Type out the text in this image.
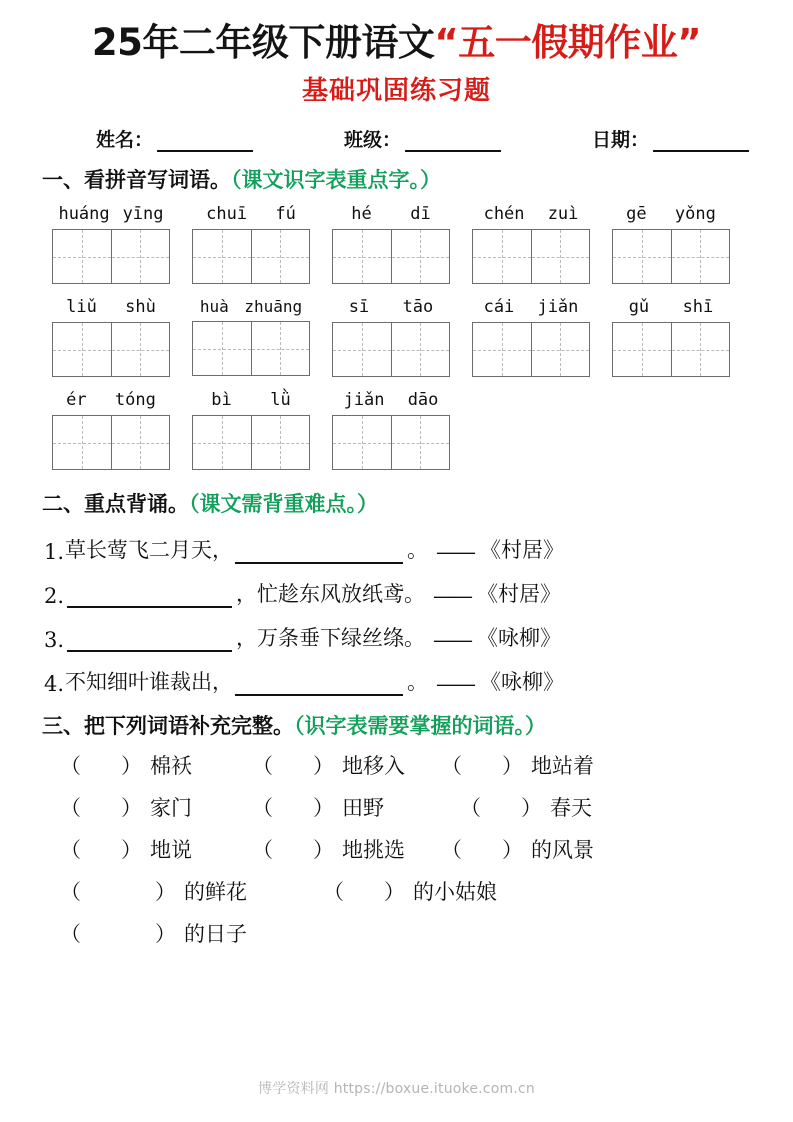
25年二年级下册语文“五一假期作业”
基础巩固练习题
姓名：	班级：	日期：
一、看拼音写词语。（课文识字表重点字。）
huáng yīng	chuī fú	hé dī	chén zuì	gē yǒng
liǔ shù	huà zhuāng	sī tāo	cái jiǎn	gǔ shī
ér tóng	bì lǜ	jiǎn dāo
二、重点背诵。（课文需背重难点。）
1. 草长莺飞二月天，	。 —— 《村居》
2.	，忙趁东风放纸鸢。 —— 《村居》
3.	，万条垂下绿丝绦。 —— 《咏柳》
4. 不知细叶谁裁出，	。 —— 《咏柳》
三、把下列词语补充完整。（识字表需要掌握的词语。）
（ ） 棉袄	（ ） 地移入 （ ） 地站着
（ ） 家门	（ ） 田野	（ ） 春天
（ ） 地说	（ ） 地挑选 （ ） 的风景
（	） 的鲜花	（ ） 的小姑娘
（	） 的日子
博学资料网 https://boxue.ituoke.com.cn
